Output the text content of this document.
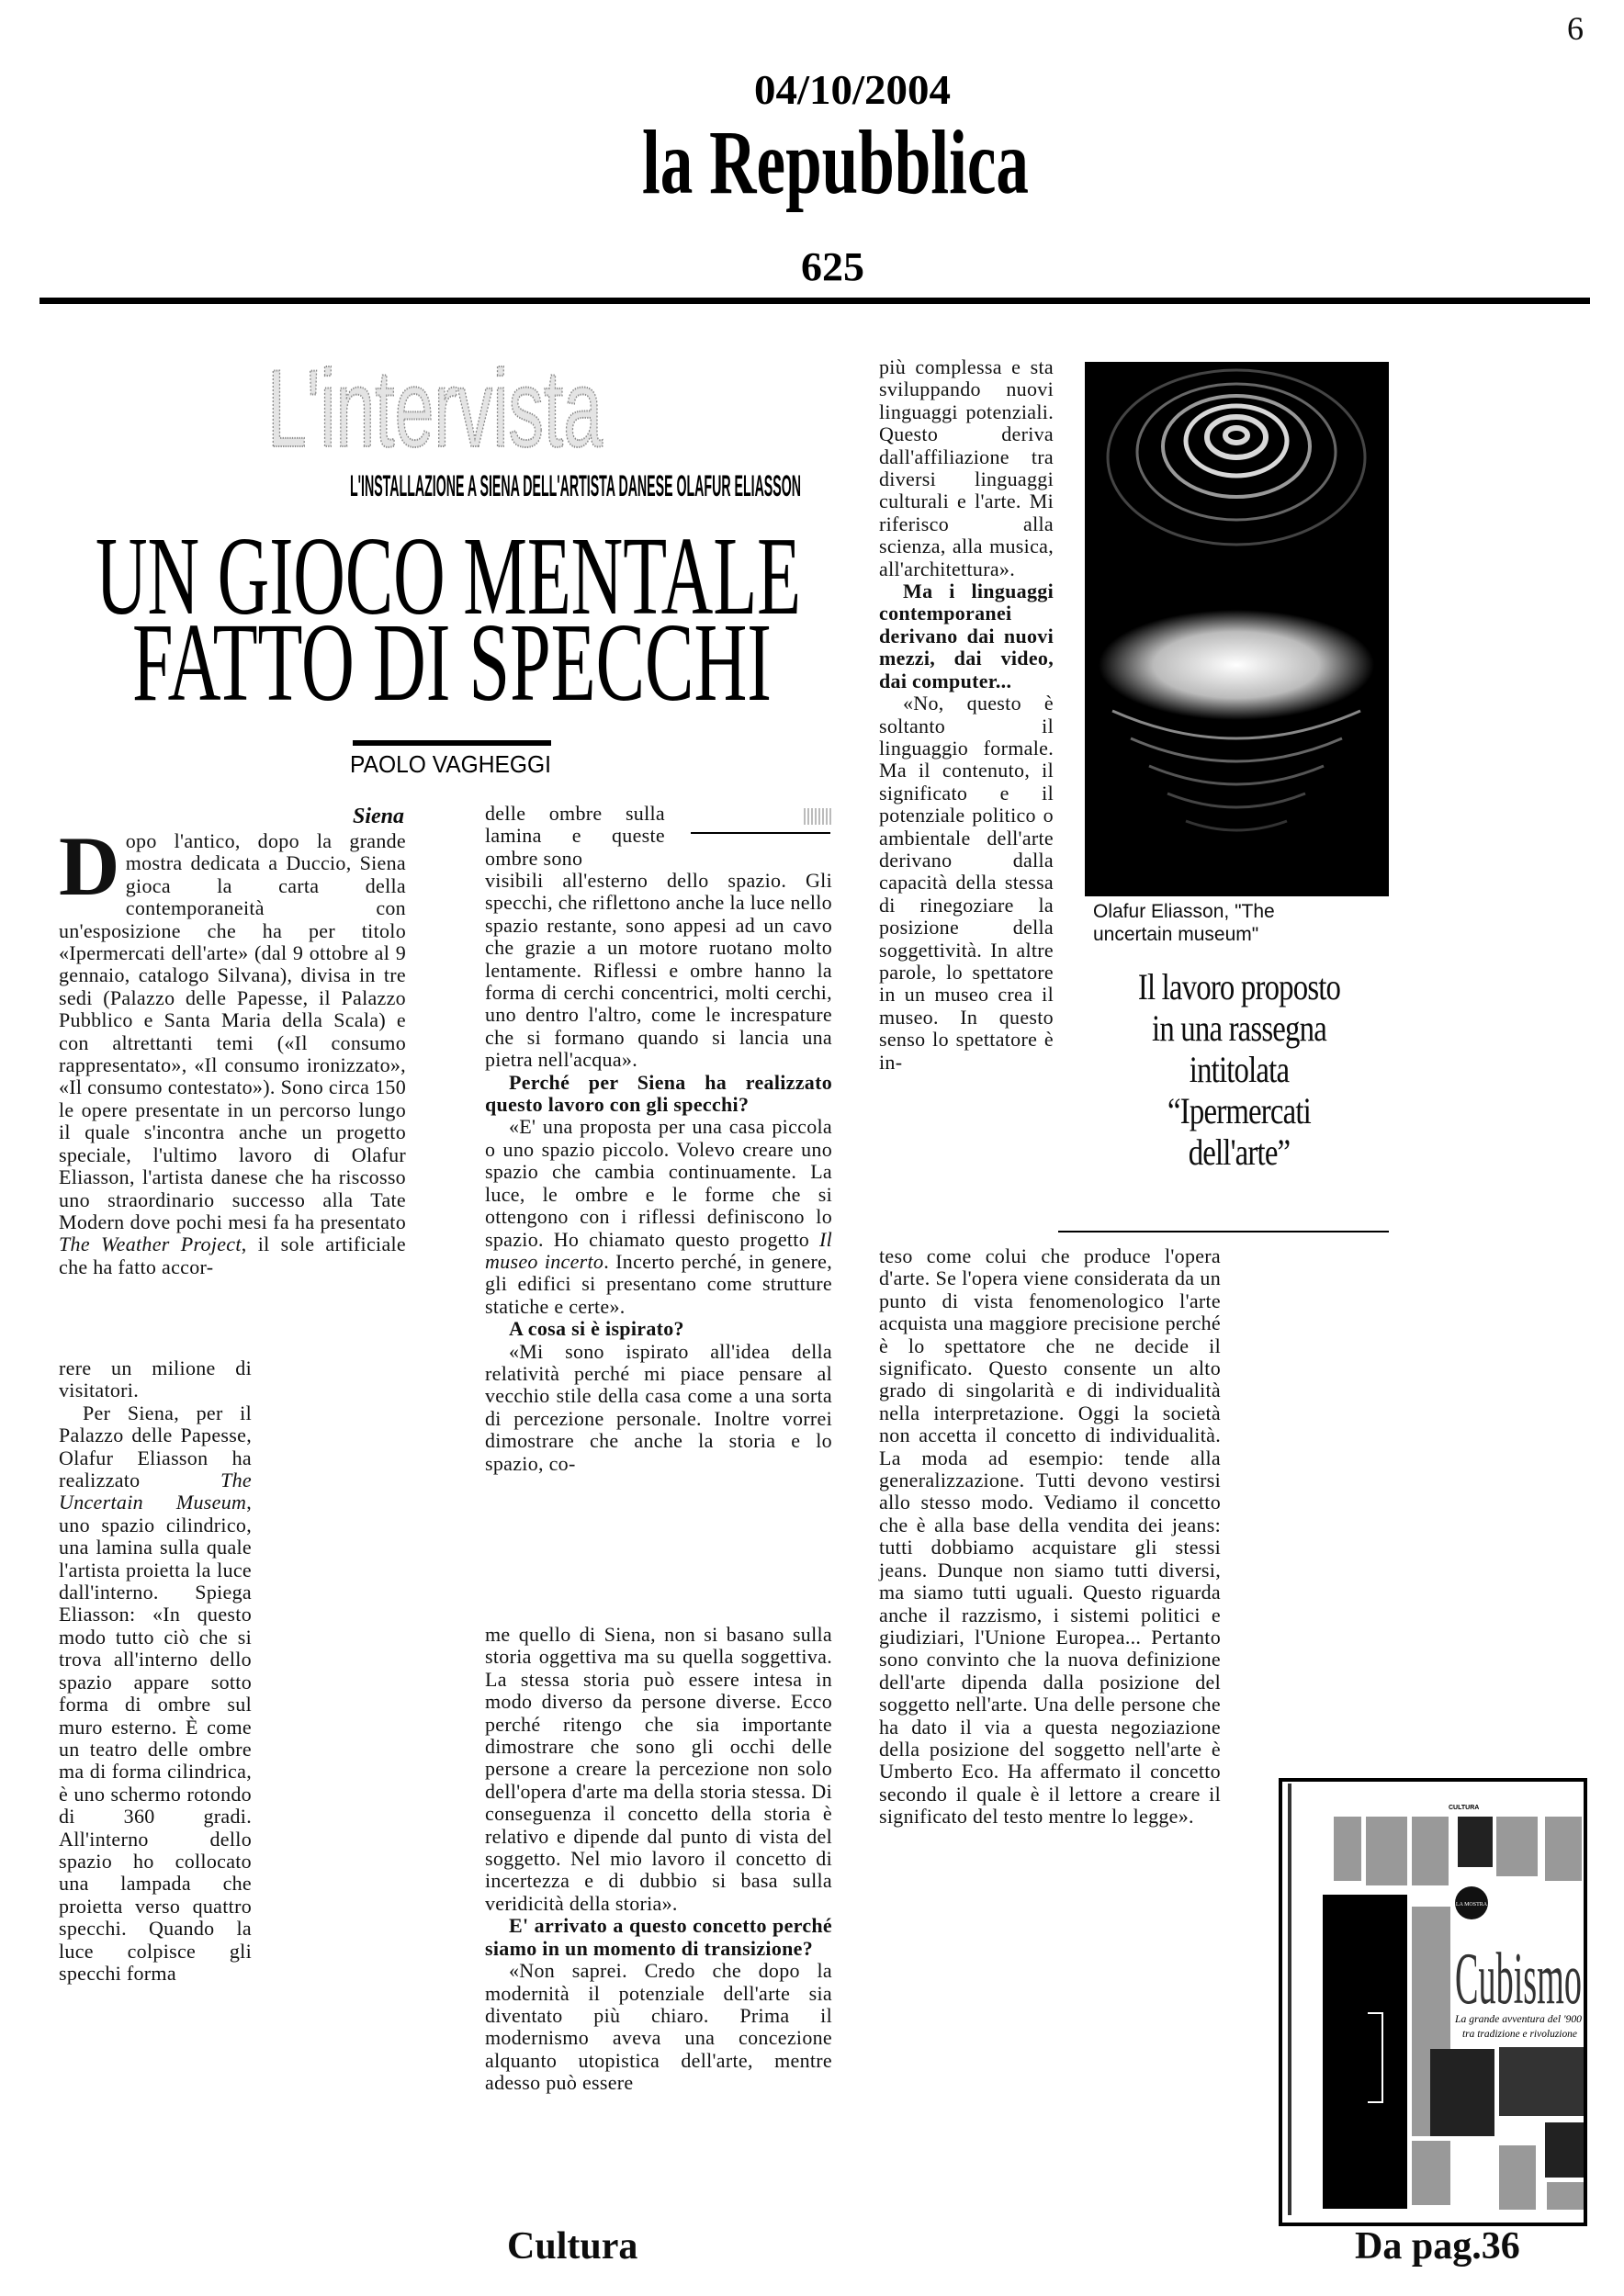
6
04/10/2004
la Repubblica
625
L'intervista
L'INSTALLAZIONE A SIENA DELL'ARTISTA DANESE OLAFUR ELIASSON
UN GIOCO MENTALE
FATTO DI SPECCHI
PAOLO VAGHEGGI
Siena

Dopo l'antico, dopo la grande mostra dedicata a Duccio, Siena gioca la carta della contemporaneità con un'esposizione che ha per titolo «Ipermercati dell'arte» (dal 9 ottobre al 9 gennaio, catalogo Silvana), divisa in tre sedi (Palazzo delle Papesse, il Palazzo Pubblico e Santa Maria della Scala) e con altrettanti temi («Il consumo rappresentato», «Il consumo ironizzato», «Il consumo contestato»). Sono circa 150 le opere presentate in un percorso lungo il quale s'incontra anche un progetto speciale, l'ultimo lavoro di Olafur Eliasson, l'artista danese che ha riscosso uno straordinario successo alla Tate Modern dove pochi mesi fa ha presentato The Weather Project, il sole artificiale che ha fatto accor-

rere un milione di visitatori.

Per Siena, per il Palazzo delle Papesse, Olafur Eliasson ha realizzato The Uncertain Museum, uno spazio cilindrico, una lamina sulla quale l'artista proietta la luce dall'interno. Spiega Eliasson: «In questo modo tutto ciò che si trova all'interno dello spazio appare sotto forma di ombre sul muro esterno. È come un teatro delle ombre ma di forma cilindrica, è uno schermo rotondo di 360 gradi. All'interno dello spazio ho collocato una lampada che proietta verso quattro specchi. Quando la luce colpisce gli specchi forma

delle ombre sulla lamina e queste ombre sono

visibili all'esterno dello spazio. Gli specchi, che riflettono anche la luce nello spazio restante, sono appesi ad un cavo che grazie a un motore ruotano molto lentamente. Riflessi e ombre hanno la forma di cerchi concentrici, molti cerchi, uno dentro l'altro, come le increspature che si formano quando si lancia una pietra nell'acqua».

Perché per Siena ha realizzato questo lavoro con gli specchi?

«E' una proposta per una casa piccola o uno spazio piccolo. Volevo creare uno spazio che cambia continuamente. La luce, le ombre e le forme che si ottengono con i riflessi definiscono lo spazio. Ho chiamato questo progetto Il museo incerto. Incerto perché, in genere, gli edifici si presentano come strutture statiche e certe».

A cosa si è ispirato?

«Mi sono ispirato all'idea della relatività perché mi piace pensare al vecchio stile della casa come a una sorta di percezione personale. Inoltre vorrei dimostrare che anche la storia e lo spazio, co-

me quello di Siena, non si basano sulla storia oggettiva ma su quella soggettiva. La stessa storia può essere intesa in modo diverso da persone diverse. Ecco perché ritengo che sia importante dimostrare che sono gli occhi delle persone a creare la percezione non solo dell'opera d'arte ma della storia stessa. Di conseguenza il concetto della storia è relativo e dipende dal punto di vista del soggetto. Nel mio lavoro il concetto di incertezza e di dubbio si basa sulla veridicità della storia».

E' arrivato a questo concetto perché siamo in un momento di transizione?

«Non saprei. Credo che dopo la modernità il potenziale dell'arte sia diventato più chiaro. Prima il modernismo aveva una concezione alquanto utopistica dell'arte, mentre adesso può essere

più complessa e sta sviluppando nuovi linguaggi potenziali. Questo deriva dall'affiliazione tra diversi linguaggi culturali e l'arte. Mi riferisco alla scienza, alla musica, all'architettura».

Ma i linguaggi contemporanei derivano dai nuovi mezzi, dai video, dai computer...

«No, questo è soltanto il linguaggio formale. Ma il contenuto, il significato e il potenziale politico o ambientale dell'arte derivano dalla capacità della stessa di rinegoziare la posizione della soggettività. In altre parole, lo spettatore in un museo crea il museo. In questo senso lo spettatore è in-

teso come colui che produce l'opera d'arte. Se l'opera viene considerata da un punto di vista fenomenologico l'arte acquista una maggiore precisione perché è lo spettatore che ne decide il significato. Questo consente un alto grado di singolarità e di individualità nella interpretazione. Oggi la società non accetta il concetto di individualità. La moda ad esempio: tende alla generalizzazione. Tutti devono vestirsi allo stesso modo. Vediamo il concetto che è alla base della vendita dei jeans: tutti dobbiamo acquistare gli stessi jeans. Dunque non siamo tutti diversi, ma siamo tutti uguali. Questo riguarda anche il razzismo, i sistemi politici e giudiziari, l'Unione Europea... Pertanto sono convinto che la nuova definizione dell'arte dipenda dalla posizione del soggetto nell'arte. Una delle persone che ha dato il via a questa negoziazione della posizione del soggetto nell'arte è Umberto Eco. Ha affermato il concetto secondo il quale è il lettore a creare il significato del testo mentre lo legge».

Olafur Eliasson, "The uncertain museum"
Il lavoro proposto
in una rassegna
intitolata
“Ipermercati
dell'arte”
CULTURA
LA MOSTRA
Cubismo
La grande avventura del '900
tra tradizione e rivoluzione
Cultura	Da pag.36
